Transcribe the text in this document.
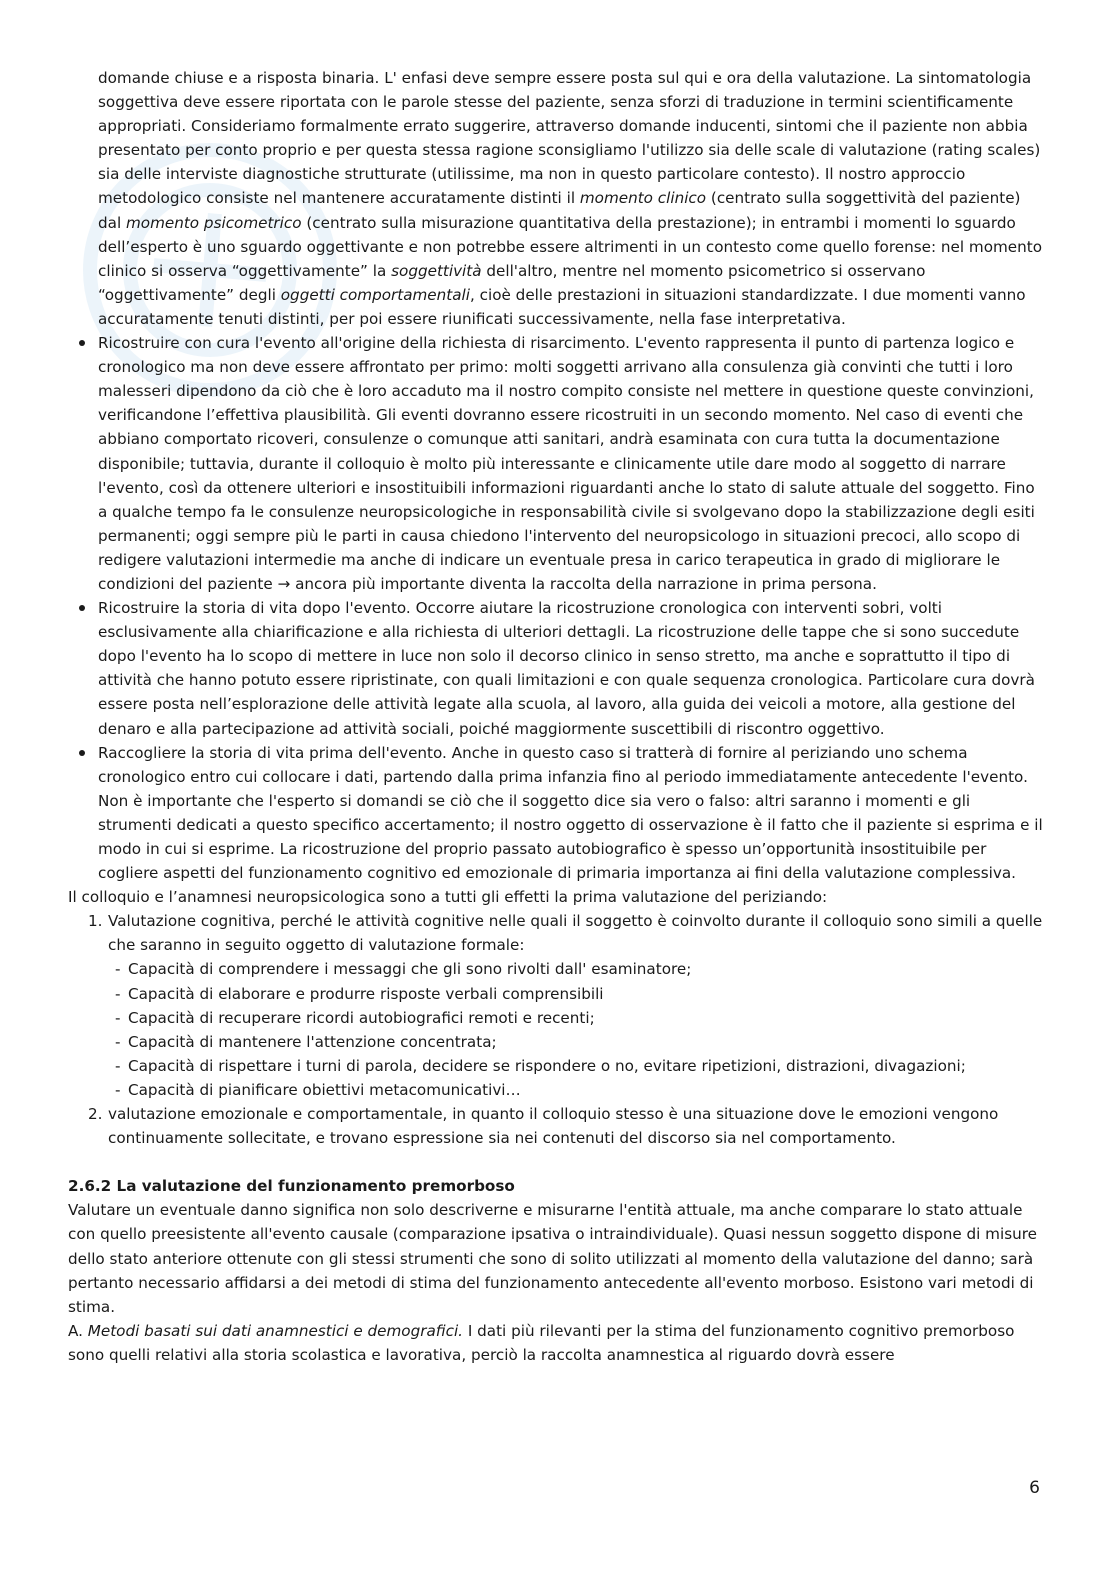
domande chiuse e a risposta binaria. L' enfasi deve sempre essere posta sul qui e ora della valutazione. La sintomatologia soggettiva deve essere riportata con le parole stesse del paziente, senza sforzi di traduzione in termini scientificamente appropriati. Consideriamo formalmente errato suggerire, attraverso domande inducenti, sintomi che il paziente non abbia presentato per conto proprio e per questa stessa ragione sconsigliamo l'utilizzo sia delle scale di valutazione (rating scales) sia delle interviste diagnostiche strutturate (utilissime, ma non in questo particolare contesto). Il nostro approccio metodologico consiste nel mantenere accuratamente distinti il momento clinico (centrato sulla soggettività del paziente) dal momento psicometrico (centrato sulla misurazione quantitativa della prestazione); in entrambi i momenti lo sguardo dell’esperto è uno sguardo oggettivante e non potrebbe essere altrimenti in un contesto come quello forense: nel momento clinico si osserva “oggettivamente” la soggettività dell'altro, mentre nel momento psicometrico si osservano “oggettivamente” degli oggetti comportamentali, cioè delle prestazioni in situazioni standardizzate. I due momenti vanno accuratamente tenuti distinti, per poi essere riunificati successivamente, nella fase interpretativa.

Ricostruire con cura l'evento all'origine della richiesta di risarcimento. L'evento rappresenta il punto di partenza logico e cronologico ma non deve essere affrontato per primo: molti soggetti arrivano alla consulenza già convinti che tutti i loro malesseri dipendono da ciò che è loro accaduto ma il nostro compito consiste nel mettere in questione queste convinzioni, verificandone l’effettiva plausibilità. Gli eventi dovranno essere ricostruiti in un secondo momento. Nel caso di eventi che abbiano comportato ricoveri, consulenze o comunque atti sanitari, andrà esaminata con cura tutta la documentazione disponibile; tuttavia, durante il colloquio è molto più interessante e clinicamente utile dare modo al soggetto di narrare l'evento, così da ottenere ulteriori e insostituibili informazioni riguardanti anche lo stato di salute attuale del soggetto. Fino a qualche tempo fa le consulenze neuropsicologiche in responsabilità civile si svolgevano dopo la stabilizzazione degli esiti permanenti; oggi sempre più le parti in causa chiedono l'intervento del neuropsicologo in situazioni precoci, allo scopo di redigere valutazioni intermedie ma anche di indicare un eventuale presa in carico terapeutica in grado di migliorare le condizioni del paziente → ancora più importante diventa la raccolta della narrazione in prima persona.
Ricostruire la storia di vita dopo l'evento. Occorre aiutare la ricostruzione cronologica con interventi sobri, volti esclusivamente alla chiarificazione e alla richiesta di ulteriori dettagli. La ricostruzione delle tappe che si sono succedute dopo l'evento ha lo scopo di mettere in luce non solo il decorso clinico in senso stretto, ma anche e soprattutto il tipo di attività che hanno potuto essere ripristinate, con quali limitazioni e con quale sequenza cronologica. Particolare cura dovrà essere posta nell’esplorazione delle attività legate alla scuola, al lavoro, alla guida dei veicoli a motore, alla gestione del denaro e alla partecipazione ad attività sociali, poiché maggiormente suscettibili di riscontro oggettivo.
Raccogliere la storia di vita prima dell'evento. Anche in questo caso si tratterà di fornire al periziando uno schema cronologico entro cui collocare i dati, partendo dalla prima infanzia fino al periodo immediatamente antecedente l'evento. Non è importante che l'esperto si domandi se ciò che il soggetto dice sia vero o falso: altri saranno i momenti e gli strumenti dedicati a questo specifico accertamento; il nostro oggetto di osservazione è il fatto che il paziente si esprima e il modo in cui si esprime. La ricostruzione del proprio passato autobiografico è spesso un’opportunità insostituibile per cogliere aspetti del funzionamento cognitivo ed emozionale di primaria importanza ai fini della valutazione complessiva.

Il colloquio e l’anamnesi neuropsicologica sono a tutti gli effetti la prima valutazione del periziando:

1. Valutazione cognitiva, perché le attività cognitive nelle quali il soggetto è coinvolto durante il colloquio sono simili a quelle che saranno in seguito oggetto di valutazione formale:
- Capacità di comprendere i messaggi che gli sono rivolti dall' esaminatore;
- Capacità di elaborare e produrre risposte verbali comprensibili
- Capacità di recuperare ricordi autobiografici remoti e recenti;
- Capacità di mantenere l'attenzione concentrata;
- Capacità di rispettare i turni di parola, decidere se rispondere o no, evitare ripetizioni, distrazioni, divagazioni;
- Capacità di pianificare obiettivi metacomunicativi…
2. valutazione emozionale e comportamentale, in quanto il colloquio stesso è una situazione dove le emozioni vengono continuamente sollecitate, e trovano espressione sia nei contenuti del discorso sia nel comportamento.

2.6.2 La valutazione del funzionamento premorboso

Valutare un eventuale danno significa non solo descriverne e misurarne l'entità attuale, ma anche comparare lo stato attuale con quello preesistente all'evento causale (comparazione ipsativa o intraindividuale). Quasi nessun soggetto dispone di misure dello stato anteriore ottenute con gli stessi strumenti che sono di solito utilizzati al momento della valutazione del danno; sarà pertanto necessario affidarsi a dei metodi di stima del funzionamento antecedente all'evento morboso. Esistono vari metodi di stima.

A. Metodi basati sui dati anamnestici e demografici. I dati più rilevanti per la stima del funzionamento cognitivo premorboso sono quelli relativi alla storia scolastica e lavorativa, perciò la raccolta anamnestica al riguardo dovrà essere

6
